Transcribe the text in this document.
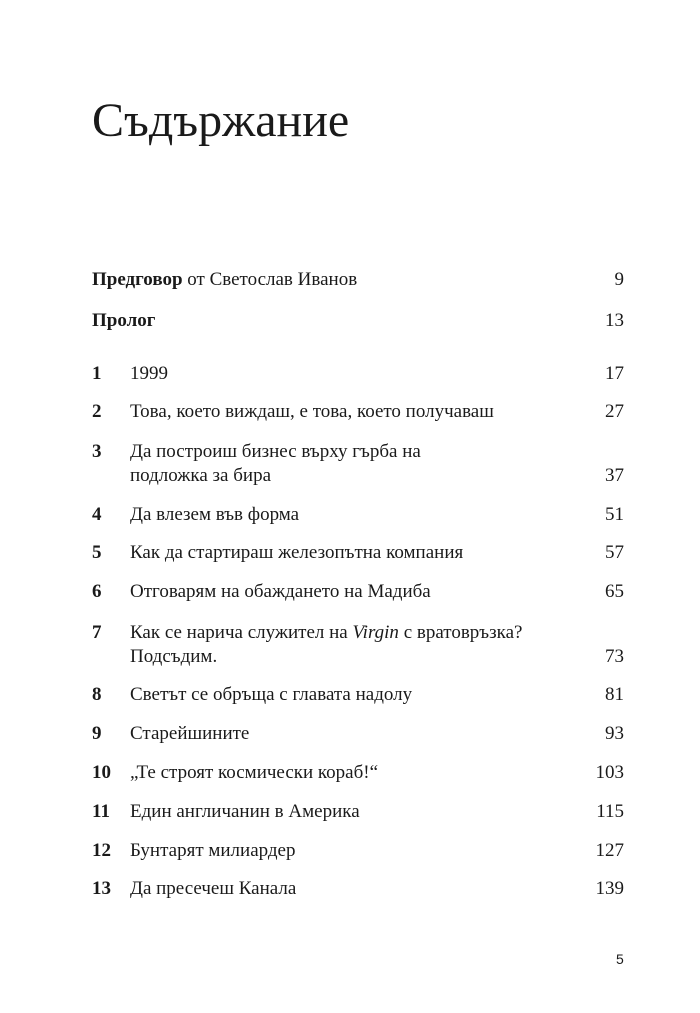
Съдържание
Предговор от Светослав Иванов	9
Пролог	13
1 1999	17
2 Това, което виждаш, е това, което получаваш	27
3 Да построиш бизнес върху гърба на
подложка за бира	37
4 Да влезем във форма	51
5 Как да стартираш железопътна компания	57
6 Отговарям на обаждането на Мадиба	65
7 Как се нарича служител на Virgin с вратовръзка?
Подсъдим.	73
8 Светът се обръща с главата надолу	81
9 Старейшините	93
10 „Те строят космически кораб!“	103
11 Един англичанин в Америка	115
12 Бунтарят милиардер	127
13 Да пресечеш Канала	139
5
